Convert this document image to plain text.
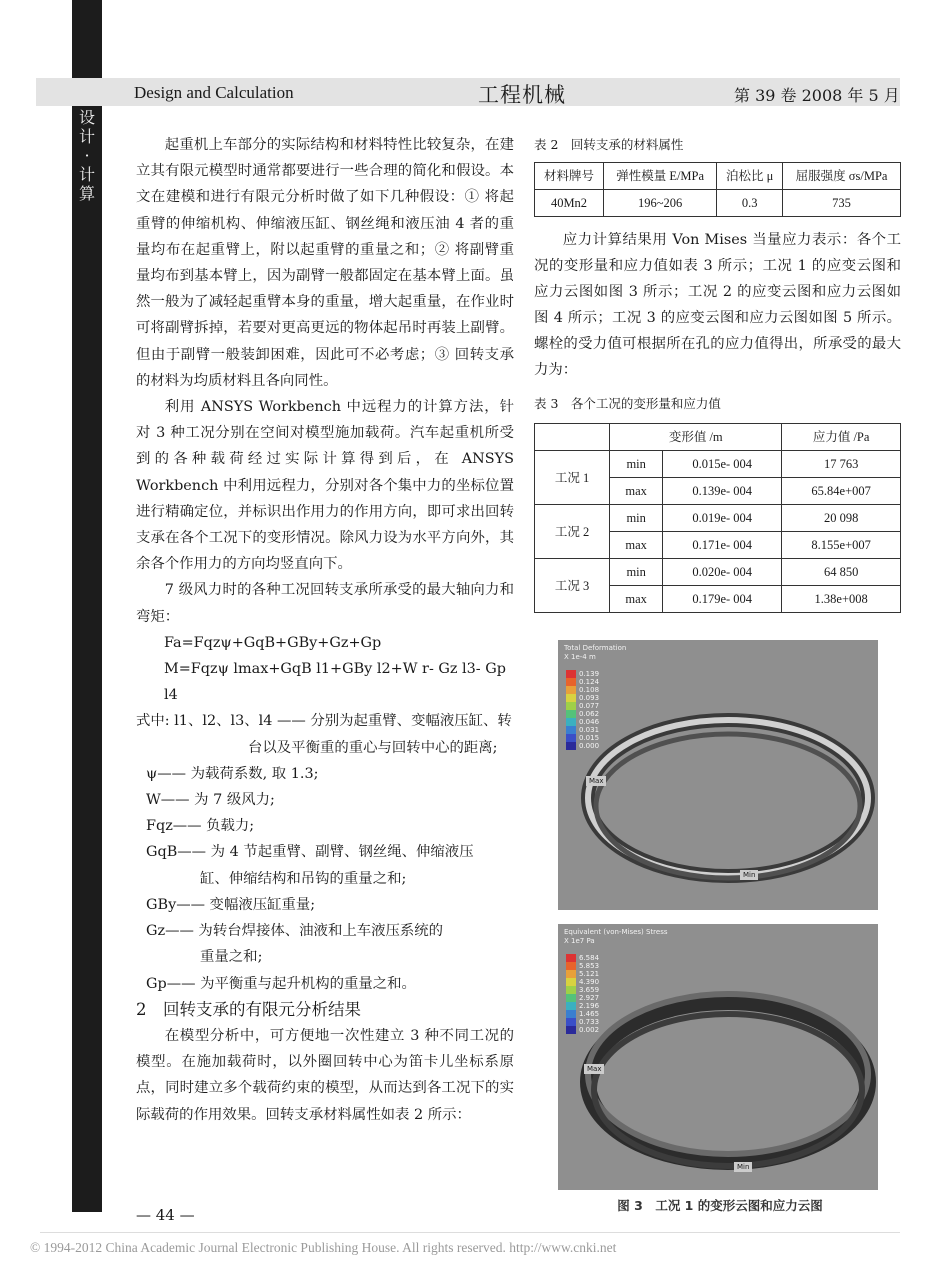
设
计
·
计
算
Design and Calculation	工程机械	第 39 卷 2008 年 5 月

起重机上车部分的实际结构和材料特性比较复杂，在建立其有限元模型时通常都要进行一些合理的简化和假设。本文在建模和进行有限元分析时做了如下几种假设：① 将起重臂的伸缩机构、伸缩液压缸、钢丝绳和液压油 4 者的重量均布在起重臂上，附以起重臂的重量之和；② 将副臂重量均布到基本臂上，因为副臂一般都固定在基本臂上面。虽然一般为了减轻起重臂本身的重量，增大起重量，在作业时可将副臂拆掉，若要对更高更远的物体起吊时再装上副臂。但由于副臂一般装卸困难，因此可不必考虑；③ 回转支承的材料为均质材料且各向同性。

利用 ANSYS Workbench 中远程力的计算方法，针对 3 种工况分别在空间对模型施加载荷。汽车起重机所受到的各种载荷经过实际计算得到后，在 ANSYS Workbench 中利用远程力，分别对各个集中力的坐标位置进行精确定位，并标识出作用力的作用方向，即可求出回转支承在各个工况下的变形情况。除风力设为水平方向外，其余各个作用力的方向均竖直向下。

7 级风力时的各种工况回转支承所承受的最大轴向力和弯矩：

Fa=Fqzψ+GqB+GBy+Gz+Gp
M=Fqzψ lmax+GqB l1+GBy l2+W r- Gz l3- Gp l4
式中: l1、l2、l3、l4 —— 分别为起重臂、变幅液压缸、转
台以及平衡重的重心与回转中心的距离;
ψ—— 为载荷系数, 取 1.3;
W—— 为 7 级风力;
Fqz—— 负载力;
GqB—— 为 4 节起重臂、副臂、钢丝绳、伸缩液压
缸、伸缩结构和吊钩的重量之和;
GBy—— 变幅液压缸重量;
Gz—— 为转台焊接体、油液和上车液压系统的
重量之和;
Gp—— 为平衡重与起升机构的重量之和。

2　回转支承的有限元分析结果

在模型分析中，可方便地一次性建立 3 种不同工况的模型。在施加载荷时，以外圈回转中心为笛卡儿坐标系原点，同时建立多个载荷约束的模型，从而达到各工况下的实际载荷的作用效果。回转支承材料属性如表 2 所示：

表 2　回转支承的材料属性

材料牌号	弹性模量 E/MPa	泊松比 μ	屈服强度 σs/MPa
40Mn2	196~206	0.3	735

应力计算结果用 Von Mises 当量应力表示：各个工况的变形量和应力值如表 3 所示；工况 1 的应变云图和应力云图如图 3 所示；工况 2 的应变云图和应力云图如图 4 所示；工况 3 的应变云图和应力云图如图 5 所示。螺栓的受力值可根据所在孔的应力值得出，所承受的最大力为：

表 3　各个工况的变形量和应力值

	变形值 /m		应力值 /Pa
工况 1	min	0.015e- 004	17 763
	max	0.139e- 004	65.84e+007
工况 2	min	0.019e- 004	20 098
	max	0.171e- 004	8.155e+007
工况 3	min	0.020e- 004	64 850
	max	0.179e- 004	1.38e+008
Total Deformation
X 1e-4 m
0.139
0.124
0.108
0.093
0.077
0.062
0.046
0.031
0.015
0.000
Max
Min
Equivalent (von-Mises) Stress
X 1e7 Pa
6.584
5.853
5.121
4.390
3.659
2.927
2.196
1.465
0.733
0.002
Max
Min
图 3　工况 1 的变形云图和应力云图
— 44 —
© 1994-2012 China Academic Journal Electronic Publishing House. All rights reserved. http://www.cnki.net
